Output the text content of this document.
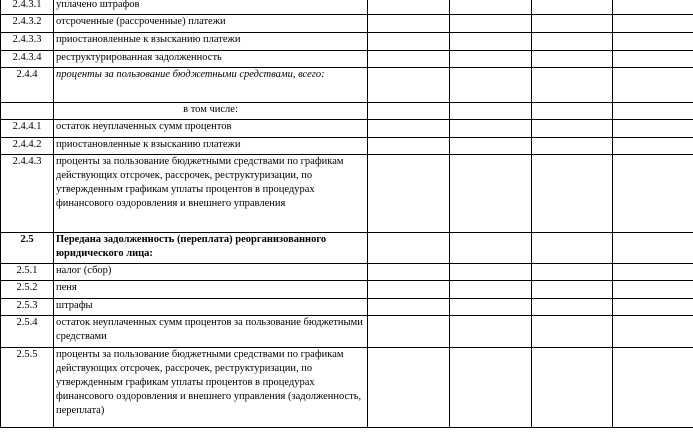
2.4.3.1	уплачено штрафов				
2.4.3.2	отсроченные (рассроченные) платежи				
2.4.3.3	приостановленные к взысканию платежи				
2.4.3.4	реструктурированная задолженность				
2.4.4	проценты за пользование бюджетными средствами, всего:				
	в том числе:				
2.4.4.1	остаток неуплаченных сумм процентов				
2.4.4.2	приостановленные к взысканию платежи				
2.4.4.3	проценты за пользование бюджетными средствами по графикам действующих отсрочек, рассрочек, реструктуризации, по утвержденным графикам уплаты процентов в процедурах финансового оздоровления и внешнего управления				
2.5	Передана задолженность (переплата) реорганизованного юридического лица:				
2.5.1	налог (сбор)				
2.5.2	пеня				
2.5.3	штрафы				
2.5.4	остаток неуплаченных сумм процентов за пользование бюджетными средствами				
2.5.5	проценты за пользование бюджетными средствами по графикам действующих отсрочек, рассрочек, реструктуризации, по утвержденным графикам уплаты процентов в процедурах финансового оздоровления и внешнего управления (задолженность, переплата)				
